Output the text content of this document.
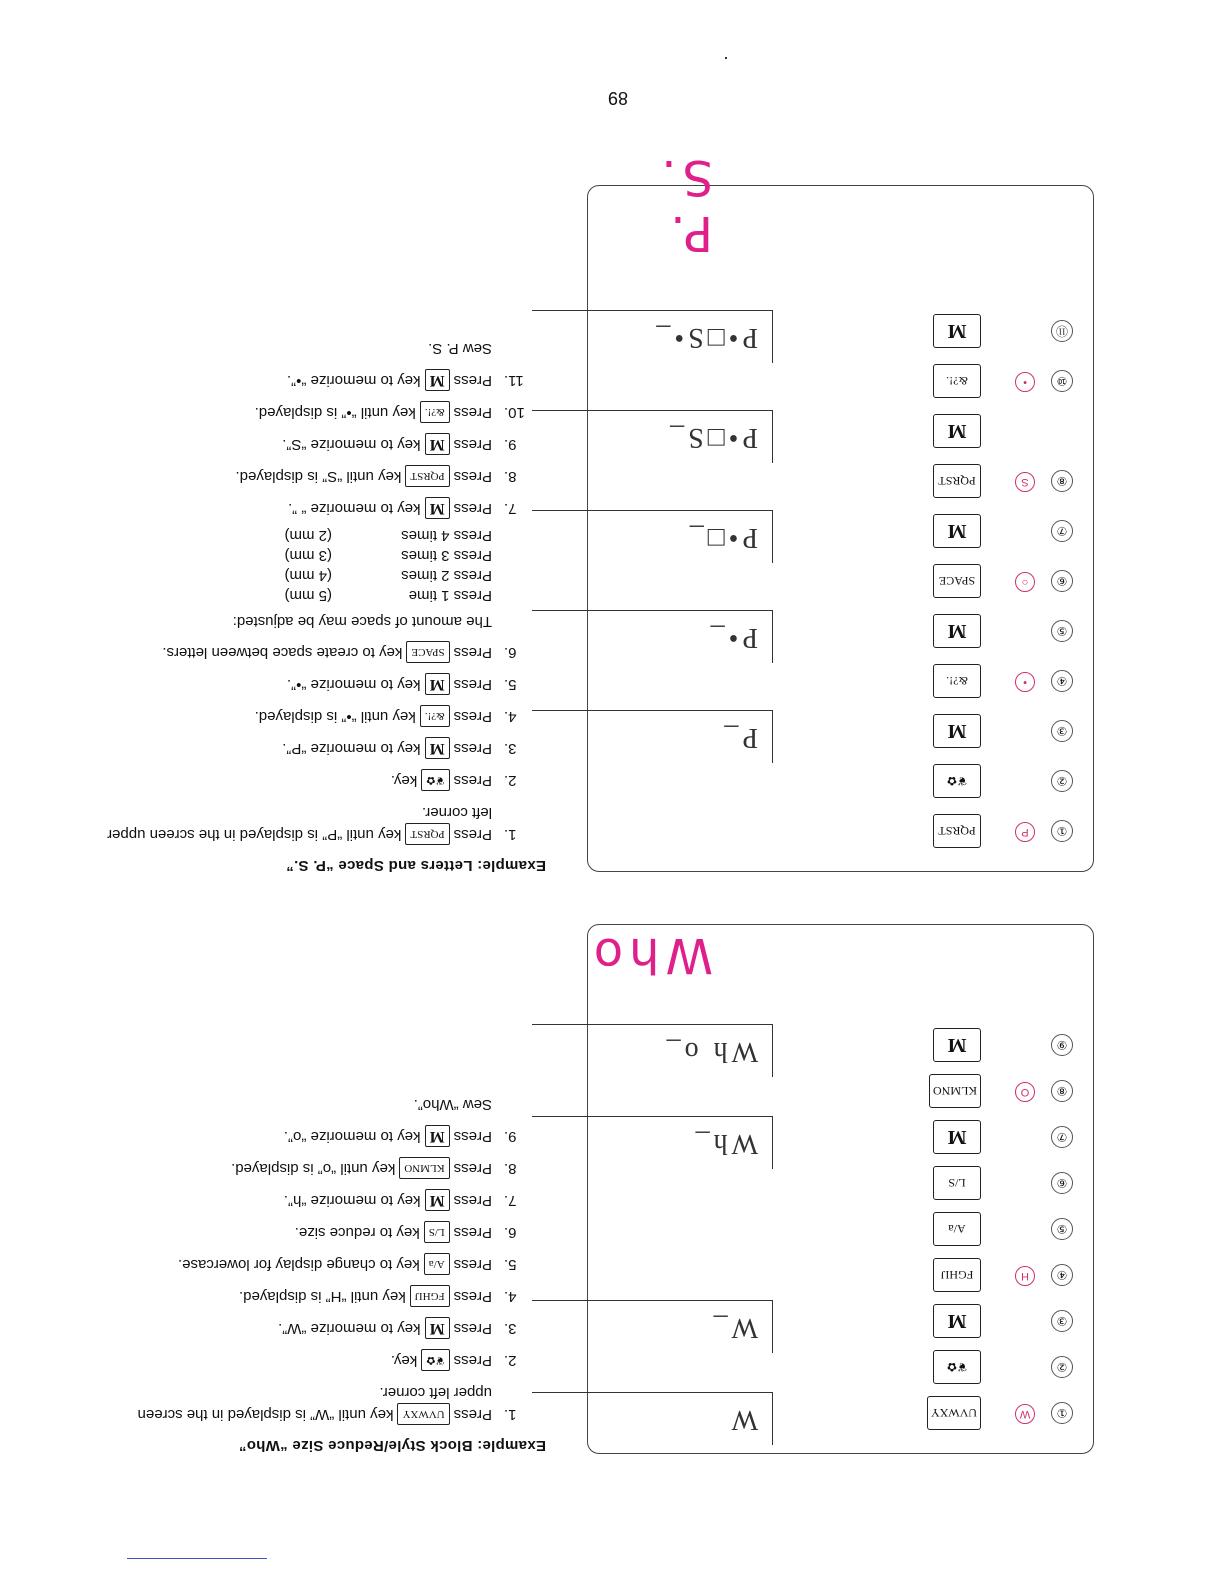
89
Example: Block Style/Reduce Size “Who”
1.
PressUVWXYkey until “W” is displayed in the screen upper left corner.
2.
Press❦✿key.
3.
PressMkey to memorize “W”.
4.
PressFGHIJkey until “H” is displayed.
5.
PressA/akey to change display for lowercase.
6.
PressL/Skey to reduce size.
7.
PressMkey to memorize “h”.
8.
PressKLMNOkey until “o” is displayed.
9.
PressMkey to memorize “o”.
Sew “Who”.
Who
①
W
UVWXY
W
②
❦✿
③
M
W_
④
H
FGHIJ
⑤
A/a
⑥
L/S
⑦
M
Wh_
⑧
O
KLMNO
⑨
M
Wh o_
Example: Letters and Space “P. S.”
1.
PressPQRSTkey until “P” is displayed in the screen upper left corner.
2.
Press❦✿key.
3.
PressMkey to memorize “P”.
4.
Press&?!.key until “•” is displayed.
5.
PressMkey to memorize “•”.
6.
PressSPACEkey to create space between letters.
The amount of space may be adjusted:
Press 1 time
(5 mm)
Press 2 times
(4 mm)
Press 3 times
(3 mm)
Press 4 times
(2 mm)
7.
PressMkey to memorize “ ”.
8.
PressPQRSTkey until “S” is displayed.
9.
PressMkey to memorize “S”.
10.
Press&?!.key until “•” is displayed.
11.
PressMkey to memorize “•”.
Sew P. S.
P. S.
①
P
PQRST
②
❦✿
③
M
P_
④
•
&?!.
⑤
M
P•_
⑥
○
SPACE
⑦
M
P•□_
⑧
S
PQRST
M
P•□S_
⑩
•
&?!.
⑪
M
P•□S•_
